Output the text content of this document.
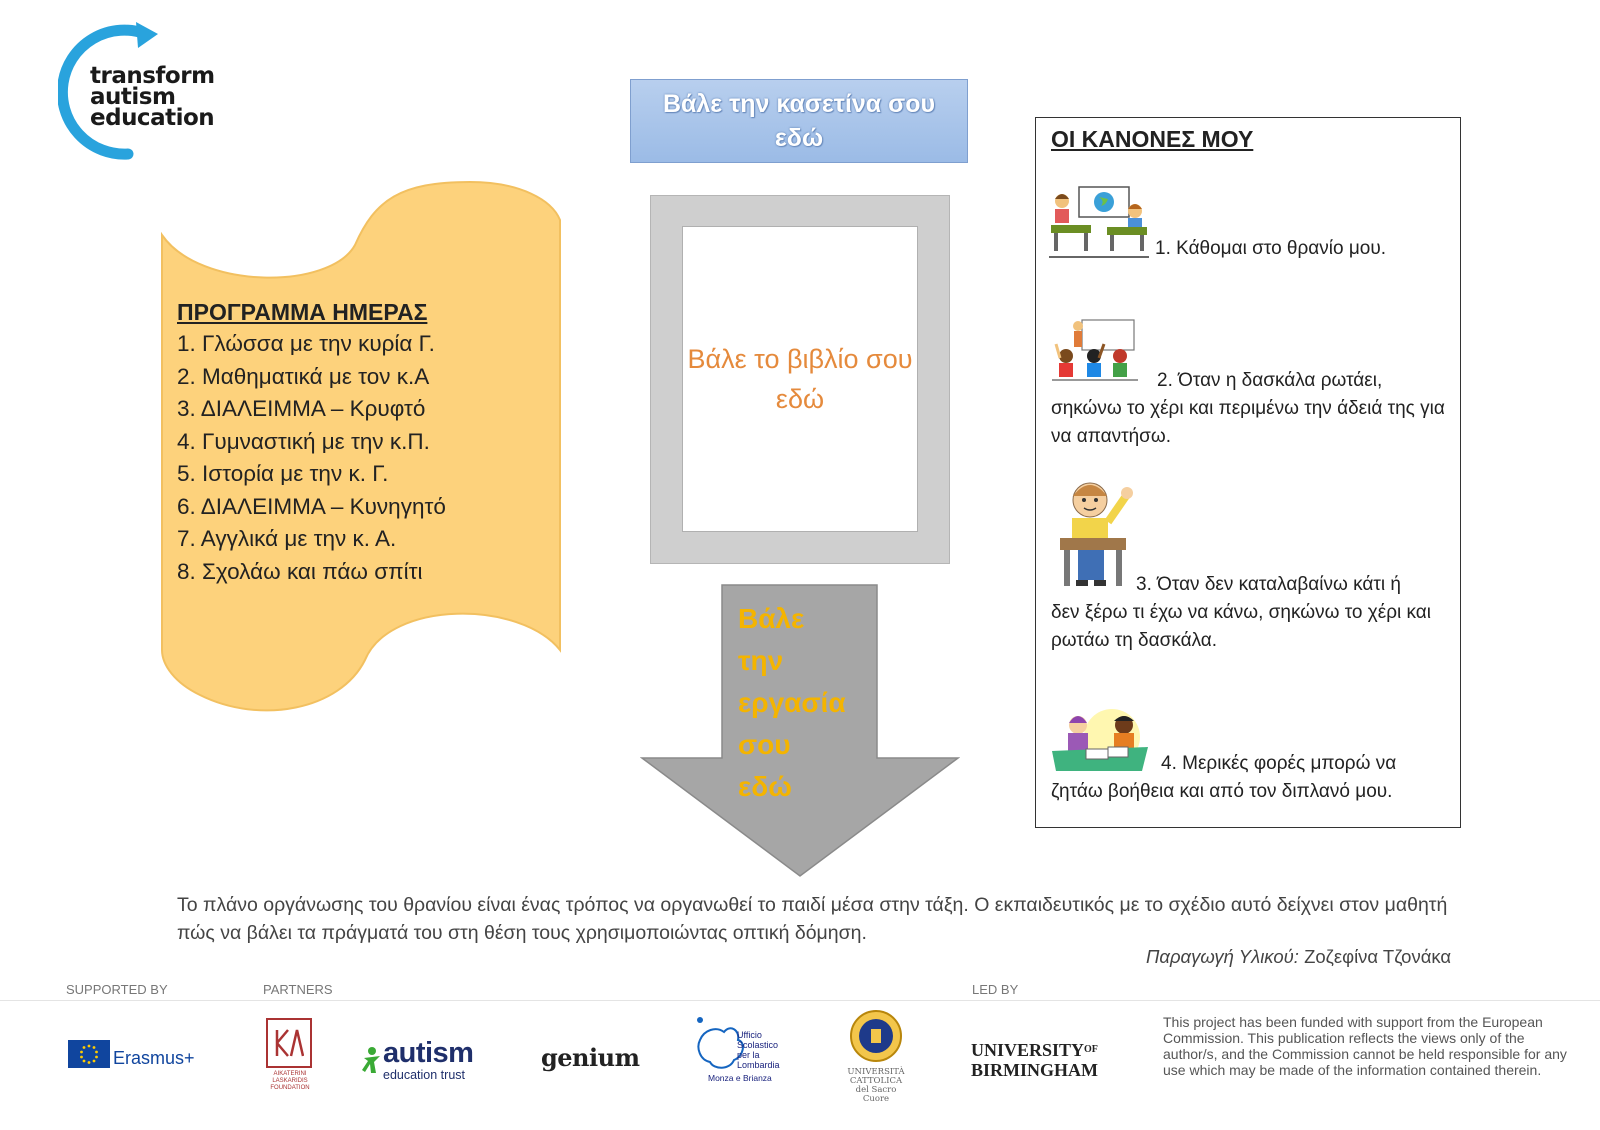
transform
autism
education

ΠΡΟΓΡΑΜΜΑ ΗΜΕΡΑΣ

1. Γλώσσα με την κυρία Γ.
2. Μαθηματικά με τον κ.Α
3. ΔΙΑΛΕΙΜΜΑ – Κρυφτό
4. Γυμναστική με την κ.Π.
5. Ιστορία με την κ. Γ.
6. ΔΙΑΛΕΙΜΜΑ – Κυνηγητό
7. Αγγλικά με την κ. Α.
8. Σχολάω και πάω σπίτι
Βάλε την κασετίνα σου εδώ
Βάλε το βιβλίο σου εδώ
Βάλε
την
εργασία
σου
εδώ
ΟΙ ΚΑΝΟΝΕΣ ΜΟΥ
1. Κάθομαι στο θρανίο μου.
2. Όταν η δασκάλα ρωτάει,
σηκώνω το χέρι και περιμένω την άδειά της για να απαντήσω.
3. Όταν δεν καταλαβαίνω κάτι ή
δεν ξέρω τι έχω να κάνω, σηκώνω το χέρι και ρωτάω τη δασκάλα.
4. Μερικές φορές μπορώ να
ζητάω βοήθεια και από τον διπλανό μου.
Το πλάνο οργάνωσης του θρανίου είναι ένας τρόπος να οργανωθεί το παιδί μέσα στην τάξη. Ο εκπαιδευτικός με το σχέδιο αυτό δείχνει στον μαθητή πώς να βάλει τα πράγματά του στη θέση τους χρησιμοποιώντας οπτική δόμηση.
Παραγωγή Υλικού: Ζοζεφίνα Τζονάκα
SUPPORTED BY	PARTNERS	LED BY
Erasmus+
AIKATERINI LASKARIDIS FOUNDATION
autism
education trust
genium
Ufficio
Scolastico
per la
Lombardia
Monza e Brianza
UNIVERSITÀ
CATTOLICA
del Sacro Cuore
$UNIVERSITY^{OF}$
BIRMINGHAM
This project has been funded with support from the European Commission. This publication reflects the views only of the author/s, and the Commission cannot be held responsible for any use which may be made of the information contained therein.
